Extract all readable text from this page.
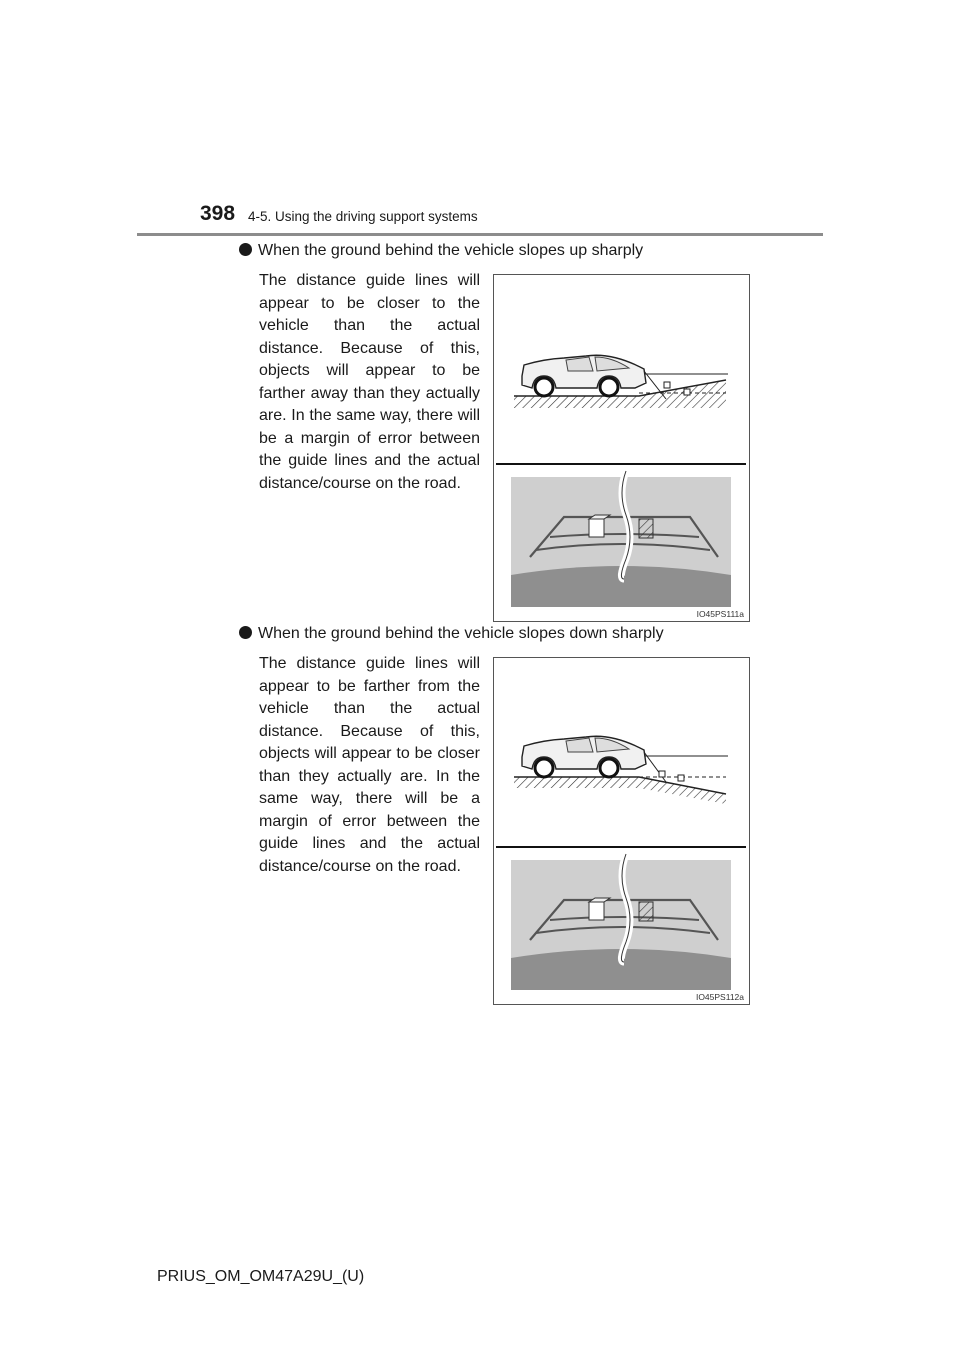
398 4-5. Using the driving support systems
When the ground behind the vehicle slopes up sharply
The distance guide lines will appear to be closer to the vehicle than the actual distance. Because of this, objects will appear to be farther away than they actually are. In the same way, there will be a margin of error between the guide lines and the actual distance/course on the road.
IO45PS111a
When the ground behind the vehicle slopes down sharply
The distance guide lines will appear to be farther from the vehicle than the actual distance. Because of this, objects will appear to be closer than they actually are. In the same way, there will be a margin of error between the guide lines and the actual distance/course on the road.
IO45PS112a
PRIUS_OM_OM47A29U_(U)
